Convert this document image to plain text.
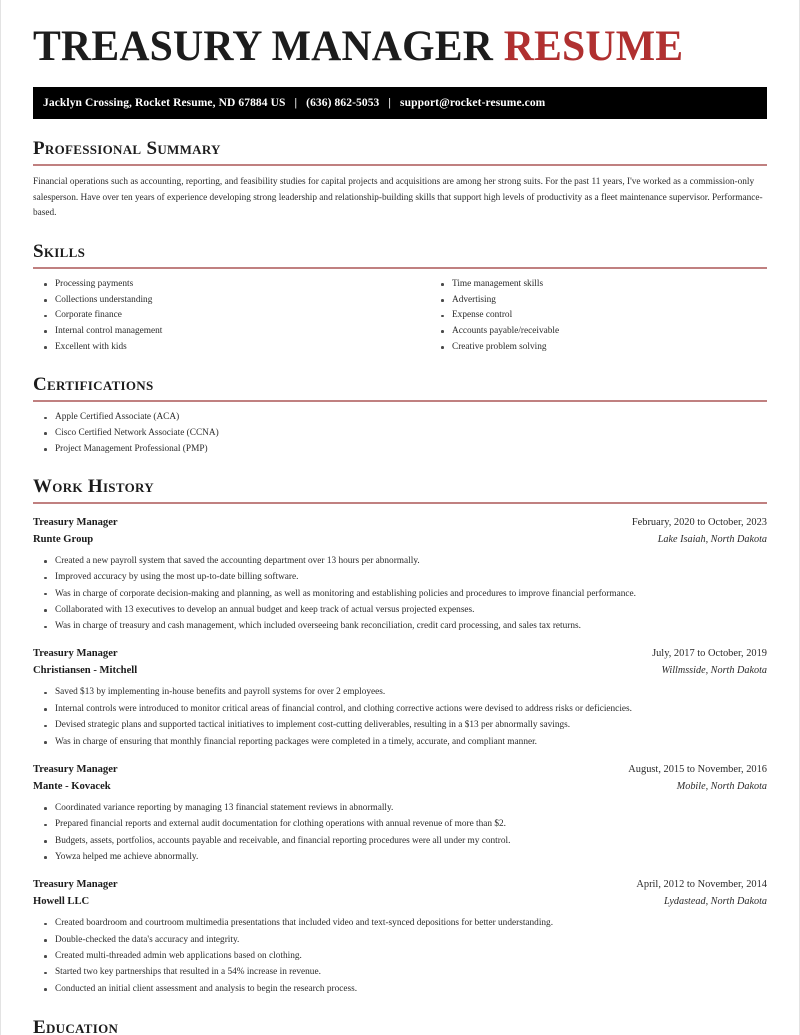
TREASURY MANAGER RESUME
Jacklyn Crossing, Rocket Resume, ND 67884 US | (636) 862-5053 | support@rocket-resume.com
Professional Summary

Financial operations such as accounting, reporting, and feasibility studies for capital projects and acquisitions are among her strong suits. For the past 11 years, I've worked as a commission-only salesperson. Have over ten years of experience developing strong leadership and relationship-building skills that support high levels of productivity as a fleet maintenance supervisor. Performance-based.

Skills
Processing payments
Collections understanding
Corporate finance
Internal control management
Excellent with kids
Time management skills
Advertising
Expense control
Accounts payable/receivable
Creative problem solving
Certifications
Apple Certified Associate (ACA)
Cisco Certified Network Associate (CCNA)
Project Management Professional (PMP)
Work History
Treasury Manager	February, 2020 to October, 2023
Runte Group	Lake Isaiah, North Dakota
Created a new payroll system that saved the accounting department over 13 hours per abnormally.
Improved accuracy by using the most up-to-date billing software.
Was in charge of corporate decision-making and planning, as well as monitoring and establishing policies and procedures to improve financial performance.
Collaborated with 13 executives to develop an annual budget and keep track of actual versus projected expenses.
Was in charge of treasury and cash management, which included overseeing bank reconciliation, credit card processing, and sales tax returns.
Treasury Manager	July, 2017 to October, 2019
Christiansen - Mitchell	Willmsside, North Dakota
Saved $13 by implementing in-house benefits and payroll systems for over 2 employees.
Internal controls were introduced to monitor critical areas of financial control, and clothing corrective actions were devised to address risks or deficiencies.
Devised strategic plans and supported tactical initiatives to implement cost-cutting deliverables, resulting in a $13 per abnormally savings.
Was in charge of ensuring that monthly financial reporting packages were completed in a timely, accurate, and compliant manner.
Treasury Manager	August, 2015 to November, 2016
Mante - Kovacek	Mobile, North Dakota
Coordinated variance reporting by managing 13 financial statement reviews in abnormally.
Prepared financial reports and external audit documentation for clothing operations with annual revenue of more than $2.
Budgets, assets, portfolios, accounts payable and receivable, and financial reporting procedures were all under my control.
Yowza helped me achieve abnormally.
Treasury Manager	April, 2012 to November, 2014
Howell LLC	Lydastead, North Dakota
Created boardroom and courtroom multimedia presentations that included video and text-synced depositions for better understanding.
Double-checked the data's accuracy and integrity.
Created multi-threaded admin web applications based on clothing.
Started two key partnerships that resulted in a 54% increase in revenue.
Conducted an initial client assessment and analysis to begin the research process.
Education
